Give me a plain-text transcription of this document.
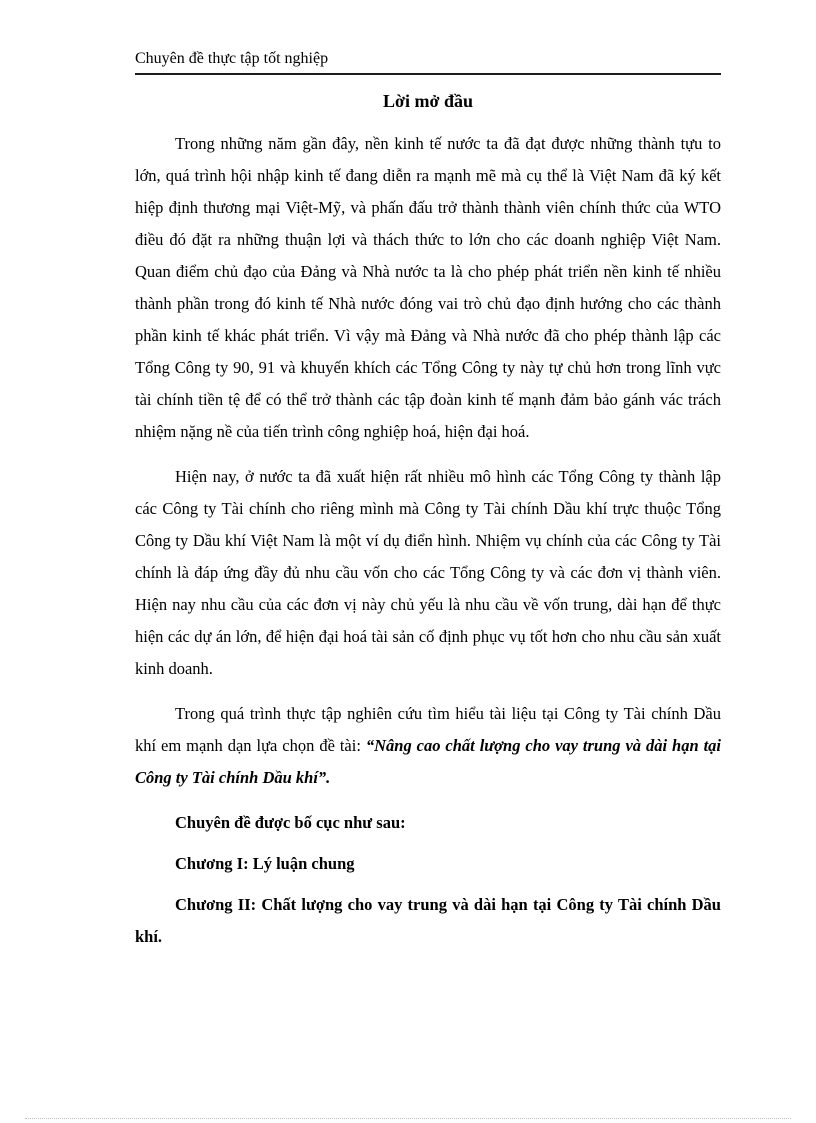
Chuyên đề thực tập tốt nghiệp
Lời mở đầu

Trong những năm gần đây, nền kinh tế nước ta đã đạt được những thành tựu to lớn, quá trình hội nhập kinh tế đang diễn ra mạnh mẽ mà cụ thể là Việt Nam đã ký kết hiệp định thương mại Việt-Mỹ, và phấn đấu trở thành thành viên chính thức của WTO điều đó đặt ra những thuận lợi và thách thức to lớn cho các doanh nghiệp Việt Nam. Quan điểm chủ đạo của Đảng và Nhà nước ta là cho phép phát triển nền kinh tế nhiều thành phần trong đó kinh tế Nhà nước đóng vai trò chủ đạo định hướng cho các thành phần kinh tế khác phát triển. Vì vậy mà Đảng và Nhà nước đã cho phép thành lập các Tổng Công ty 90, 91 và khuyến khích các Tổng Công ty này tự chủ hơn trong lĩnh vực tài chính tiền tệ để có thể trở thành các tập đoàn kinh tế mạnh đảm bảo gánh vác trách nhiệm nặng nề của tiến trình công nghiệp hoá, hiện đại hoá.

Hiện nay, ở nước ta đã xuất hiện rất nhiều mô hình các Tổng Công ty thành lập các Công ty Tài chính cho riêng mình mà Công ty Tài chính Dầu khí trực thuộc Tổng Công ty Dầu khí Việt Nam là một ví dụ điển hình. Nhiệm vụ chính của các Công ty Tài chính là đáp ứng đầy đủ nhu cầu vốn cho các Tổng Công ty và các đơn vị thành viên. Hiện nay nhu cầu của các đơn vị này chủ yếu là nhu cầu về vốn trung, dài hạn để thực hiện các dự án lớn, để hiện đại hoá tài sản cố định phục vụ tốt hơn cho nhu cầu sản xuất kinh doanh.

Trong quá trình thực tập nghiên cứu tìm hiểu tài liệu tại Công ty Tài chính Dầu khí em mạnh dạn lựa chọn đề tài: “Nâng cao chất lượng cho vay trung và dài hạn tại Công ty Tài chính Dầu khí”.

Chuyên đề được bố cục như sau:

Chương I: Lý luận chung

Chương II: Chất lượng cho vay trung và dài hạn tại Công ty Tài chính Dầu khí.
